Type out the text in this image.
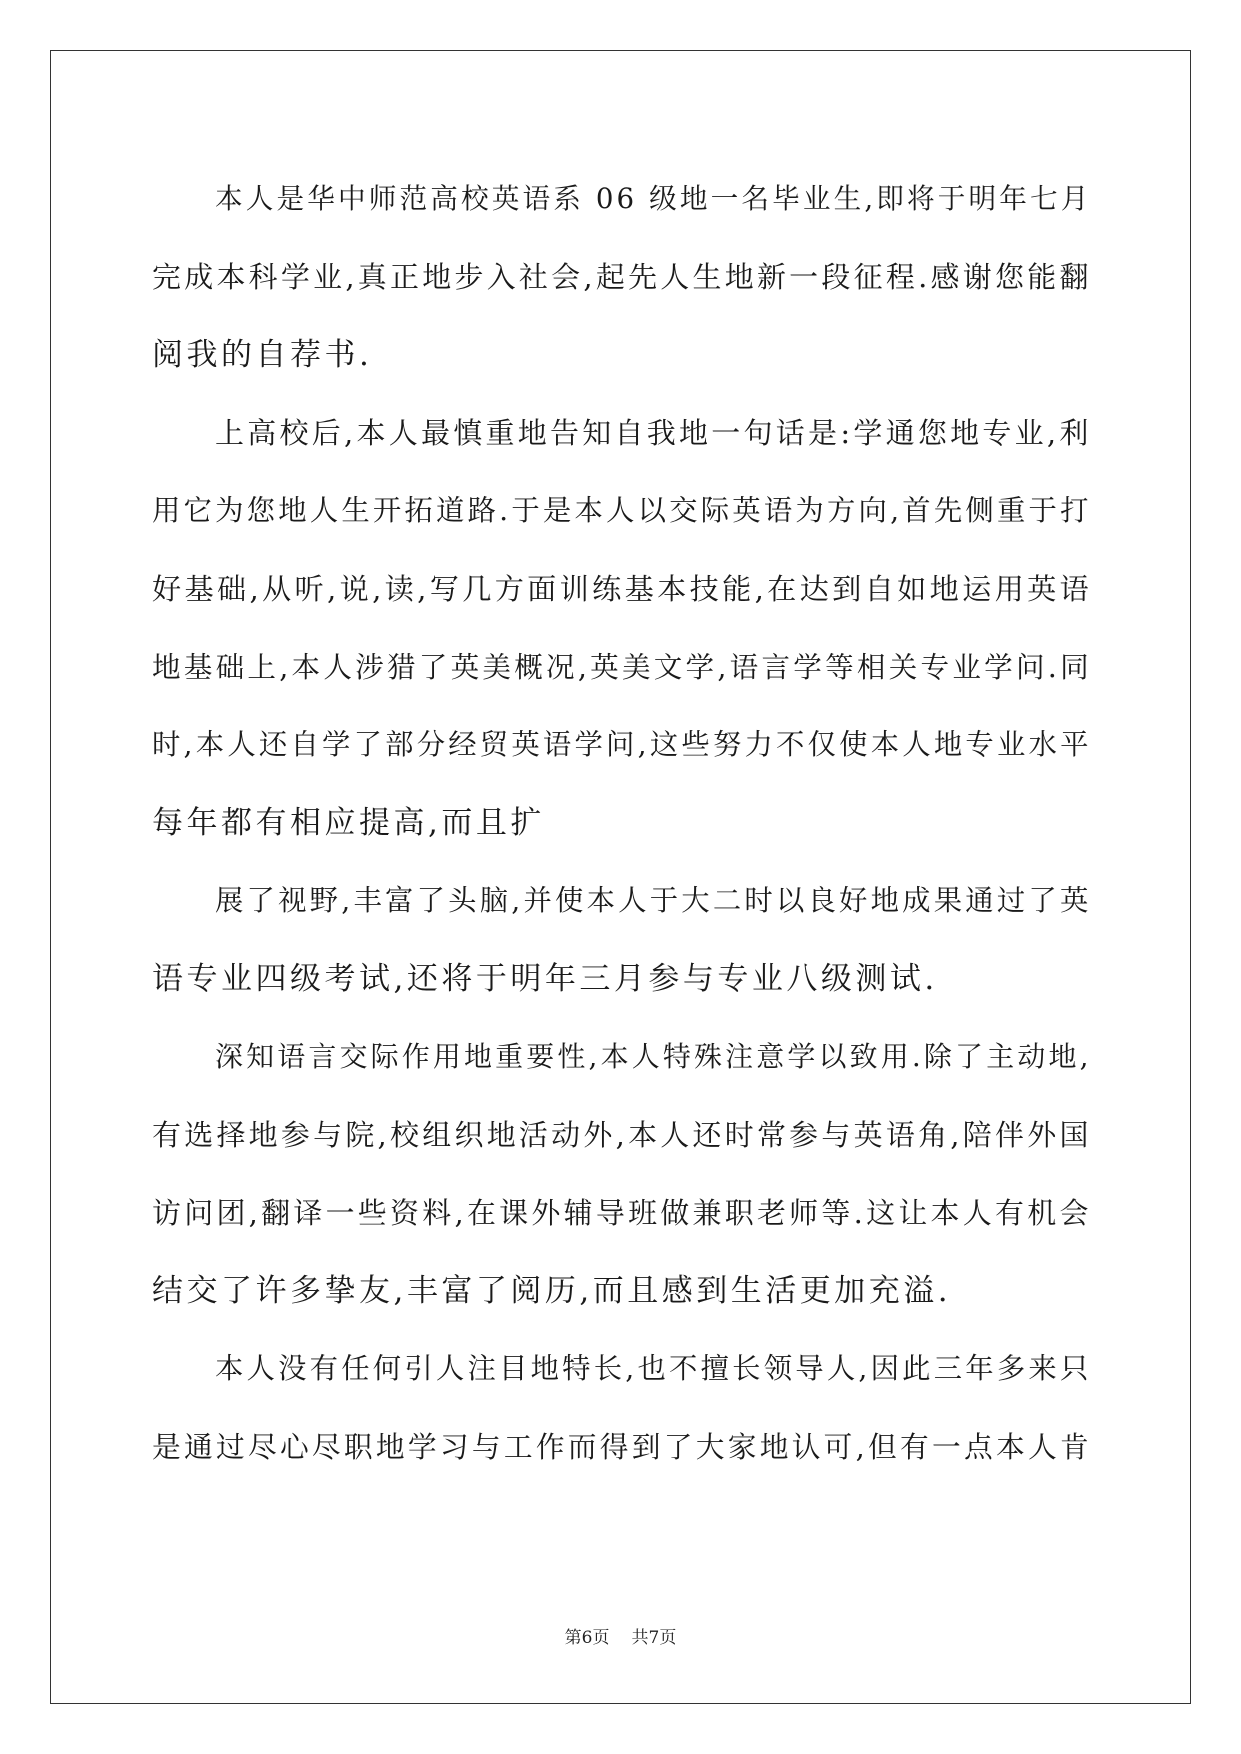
本人是华中师范高校英语系 06 级地一名毕业生,即将于明年七月
完成本科学业,真正地步入社会,起先人生地新一段征程.感谢您能翻
阅我的自荐书.
上高校后,本人最慎重地告知自我地一句话是:学通您地专业,利
用它为您地人生开拓道路.于是本人以交际英语为方向,首先侧重于打
好基础,从听,说,读,写几方面训练基本技能,在达到自如地运用英语
地基础上,本人涉猎了英美概况,英美文学,语言学等相关专业学问.同
时,本人还自学了部分经贸英语学问,这些努力不仅使本人地专业水平
每年都有相应提高,而且扩
展了视野,丰富了头脑,并使本人于大二时以良好地成果通过了英
语专业四级考试,还将于明年三月参与专业八级测试.
深知语言交际作用地重要性,本人特殊注意学以致用.除了主动地,
有选择地参与院,校组织地活动外,本人还时常参与英语角,陪伴外国
访问团,翻译一些资料,在课外辅导班做兼职老师等.这让本人有机会
结交了许多挚友,丰富了阅历,而且感到生活更加充溢.
本人没有任何引人注目地特长,也不擅长领导人,因此三年多来只
是通过尽心尽职地学习与工作而得到了大家地认可,但有一点本人肯
第6页 共7页
